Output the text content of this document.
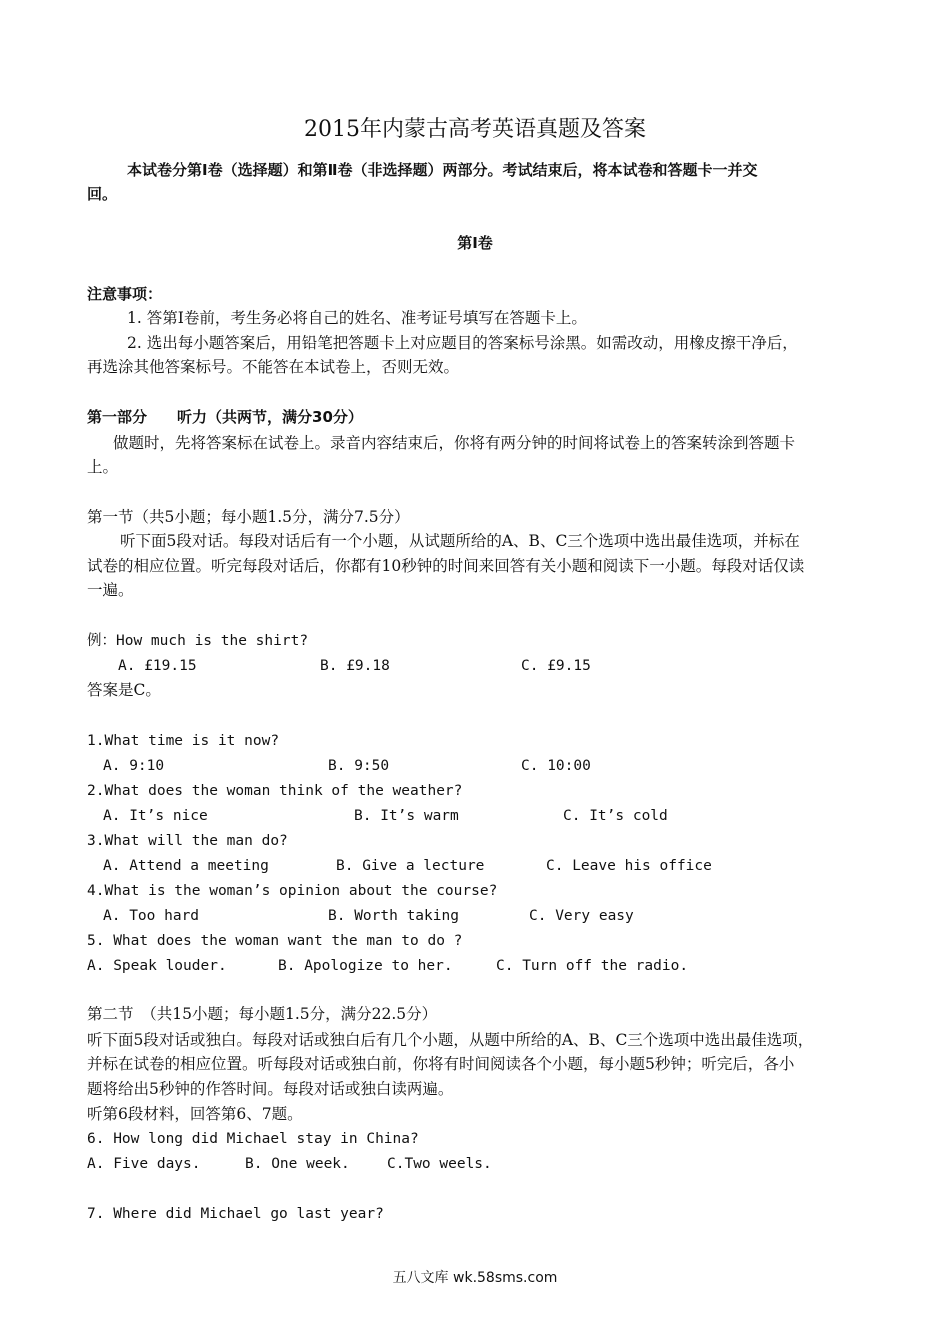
2015年内蒙古高考英语真题及答案
本试卷分第Ⅰ卷（选择题）和第Ⅱ卷（非选择题）两部分。考试结束后，将本试卷和答题卡一并交
回。
第Ⅰ卷
注意事项：
1. 答第Ⅰ卷前，考生务必将自己的姓名、准考证号填写在答题卡上。
2. 选出每小题答案后，用铅笔把答题卡上对应题目的答案标号涂黑。如需改动，用橡皮擦干净后，
再选涂其他答案标号。不能答在本试卷上，否则无效。
第一部分　　听力（共两节，满分30分）
做题时，先将答案标在试卷上。录音内容结束后，你将有两分钟的时间将试卷上的答案转涂到答题卡
上。
第一节（共5小题；每小题1.5分，满分7.5分）
听下面5段对话。每段对话后有一个小题，从试题所给的A、B、C三个选项中选出最佳选项，并标在
试卷的相应位置。听完每段对话后，你都有10秒钟的时间来回答有关小题和阅读下一小题。每段对话仅读
一遍。
例：How much is the shirt?
A. £19.15	B. £9.18	C. £9.15
答案是C。
1.What time is it now?
A. 9:10	B. 9:50	C. 10:00
2.What does the woman think of the weather?
A. It’s nice	B. It’s warm	C. It’s cold
3.What will the man do?
A. Attend a meeting	B. Give a lecture	C. Leave his office
4.What is the woman’s opinion about the course?
A. Too hard	B. Worth taking	C. Very easy
5. What does the woman want the man to do ?
A. Speak louder.	B. Apologize to her.	C. Turn off the radio.
第二节　（共15小题；每小题1.5分，满分22.5分）
听下面5段对话或独白。每段对话或独白后有几个小题，从题中所给的A、B、C三个选项中选出最佳选项，
并标在试卷的相应位置。听每段对话或独白前，你将有时间阅读各个小题，每小题5秒钟；听完后，各小
题将给出5秒钟的作答时间。每段对话或独白读两遍。
听第6段材料，回答第6、7题。
6. How long did Michael stay in China?
A. Five days.	B. One week.	C.Two weels.
7. Where did Michael go last year?
五八文库 wk.58sms.com
